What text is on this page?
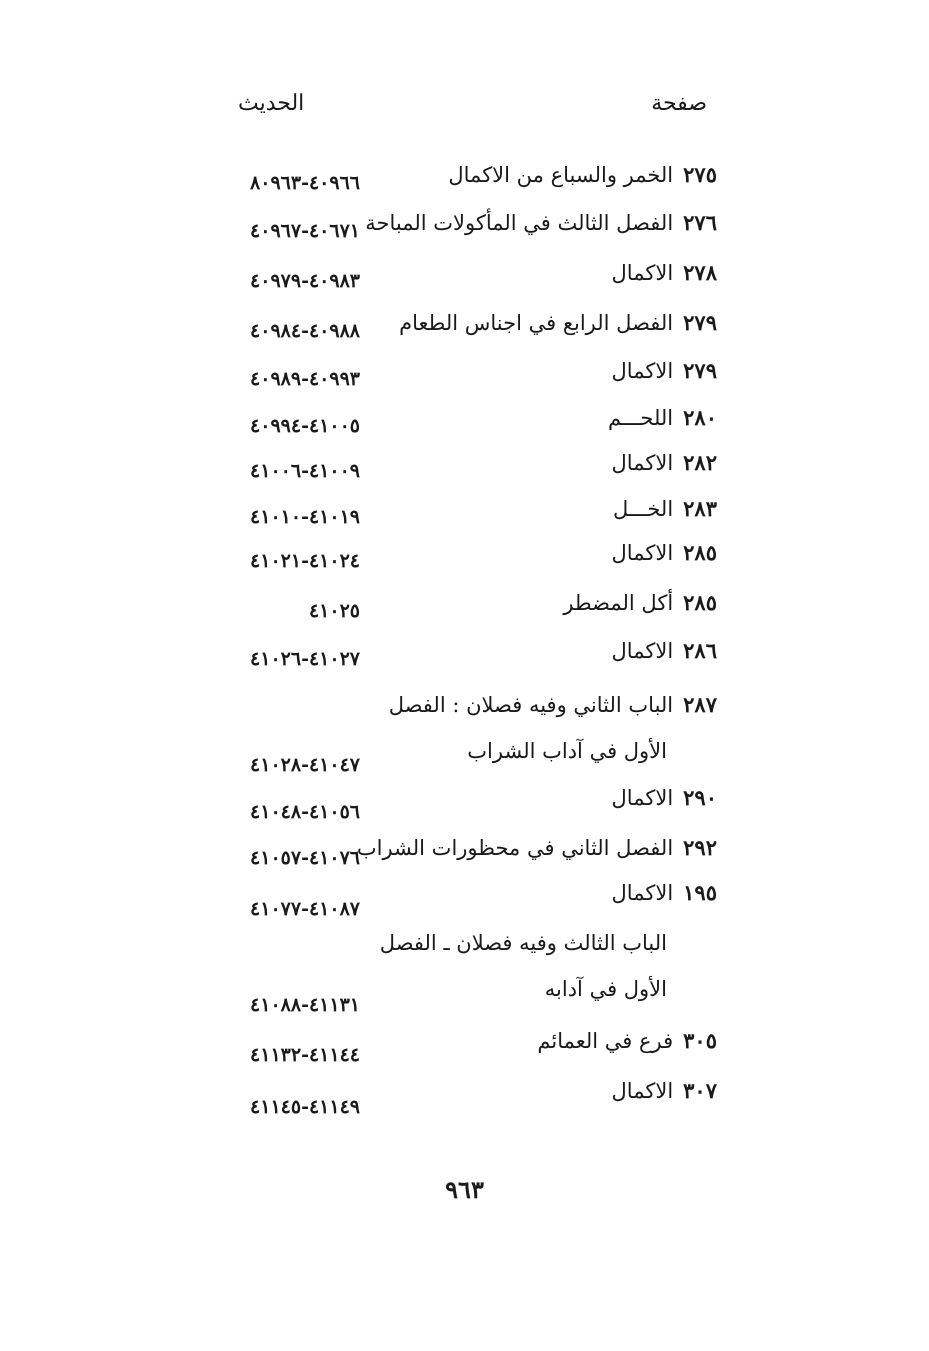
صفحة
الحديث
٢٧٥الخمر والسباع من الاكمال
٤٠٩٦٦-٨٠٩٦٣
٢٧٦الفصل الثالث في المأكولات المباحة
٤٠٦٧١-٤٠٩٦٧
٢٧٨الاكمال
٤٠٩٨٣-٤٠٩٧٩
٢٧٩الفصل الرابع في اجناس الطعام
٤٠٩٨٨-٤٠٩٨٤
٢٧٩الاكمال
٤٠٩٩٣-٤٠٩٨٩
٢٨٠اللحـــم
٤١٠٠٥-٤٠٩٩٤
٢٨٢الاكمال
٤١٠٠٩-٤١٠٠٦
٢٨٣الخـــل
٤١٠١٩-٤١٠١٠
٢٨٥الاكمال
٤١٠٢٤-٤١٠٢١
٢٨٥أكل المضطر
٤١٠٢٥
٢٨٦الاكمال
٤١٠٢٧-٤١٠٢٦
٢٨٧الباب الثاني وفيه فصلان : الفصل
الأول في آداب الشراب
٤١٠٤٧-٤١٠٢٨
٢٩٠الاكمال
٤١٠٥٦-٤١٠٤٨
٢٩٢الفصل الثاني في محظورات الشراب
٤١٠٧٦-٤١٠٥٧
١٩٥الاكمال
٤١٠٨٧-٤١٠٧٧
الباب الثالث وفيه فصلان ـ الفصل
الأول في آدابه
٤١١٣١-٤١٠٨٨
٣٠٥فرع في العمائم
٤١١٤٤-٤١١٣٢
٣٠٧الاكمال
٤١١٤٩-٤١١٤٥
٩٦٣
